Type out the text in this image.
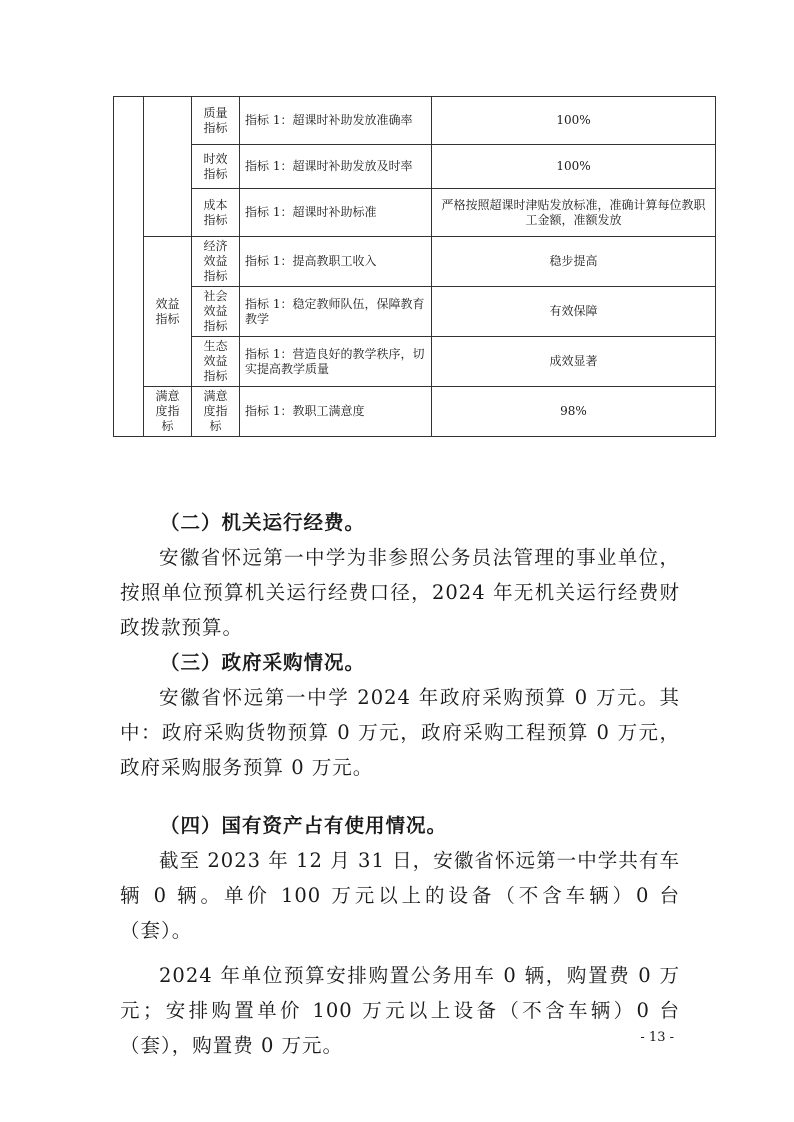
		质量指标	指标 1：超课时补助发放准确率	100%
		时效指标	指标 1：超课时补助发放及时率	100%
		成本指标	指标 1：超课时补助标准	严格按照超课时津贴发放标准，准确计算每位教职工金额，准额发放
	效益指标	经济效益指标	指标 1：提高教职工收入	稳步提高
		社会效益指标	指标 1：稳定教师队伍，保障教育教学	有效保障
		生态效益指标	指标 1：营造良好的教学秩序，切实提高教学质量	成效显著
	满意度指标	满意度指标	指标 1：教职工满意度	98%

（二）机关运行经费。

安徽省怀远第一中学为非参照公务员法管理的事业单位，按照单位预算机关运行经费口径，2024 年无机关运行经费财政拨款预算。

（三）政府采购情况。

安徽省怀远第一中学 2024 年政府采购预算 0 万元。其中：政府采购货物预算 0 万元，政府采购工程预算 0 万元，政府采购服务预算 0 万元。

（四）国有资产占有使用情况。

截至 2023 年 12 月 31 日，安徽省怀远第一中学共有车辆 0 辆。单价 100 万元以上的设备（不含车辆）0 台（套）。

2024 年单位预算安排购置公务用车 0 辆，购置费 0 万元；安排购置单价 100 万元以上设备（不含车辆）0 台（套），购置费 0 万元。	- 13 -
